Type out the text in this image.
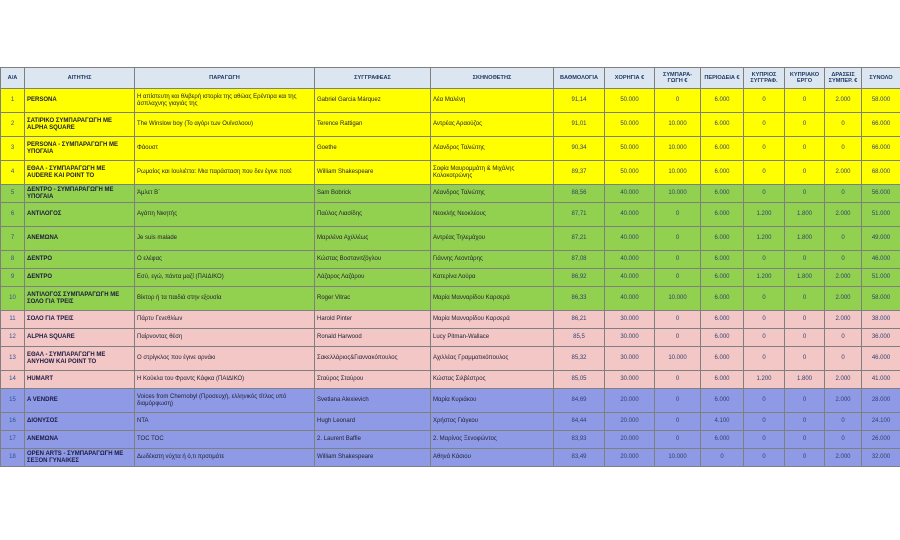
Α/Α	ΑΙΤΗΤΗΣ	ΠΑΡΑΓΩΓΗ	ΣΥΓΓΡΑΦΕΑΣ	ΣΚΗΝΟΘΕΤΗΣ	ΒΑΘΜΟΛΟΓΙΑ	ΧΟΡΗΓΙΑ €	ΣΥΜΠΑΡΑ-ΓΩΓΗ €	ΠΕΡΙΟΔΕΙΑ €	ΚΥΠΡΙΟΣ ΣΥΓΓΡΑΦ.	ΚΥΠΡΙΑΚΟ ΕΡΓΟ	ΔΡΑΣΕΙΣ ΣΥΜΠΕΡ. €	ΣΥΝΟΛΟ
1	PERSONA	Η απίστευτη και θλιβερή ιστορία της αθώας Ερέντιρα και της άσπλαχνης γιαγιάς της	Gabriel Garcia Márquez	Λέα Μαλένη	91,14	50.000	0	6.000	0	0	2.000	58.000
2	ΣΑΤΙΡΙΚΟ ΣΥΜΠΑΡΑΓΩΓΗ ΜΕ ALPHA SQUARE	The Winslow boy (Το αγόρι των Ουίνσλοου)	Terence Rattigan	Αντρέας Αραούζος	91,01	50.000	10.000	6.000	0	0	0	66.000
3	PERSONA - ΣΥΜΠΑΡΑΓΩΓΗ ΜΕ ΥΠΟΓΑΙΑ	Φάουστ	Goethe	Λέανδρος Ταλιώτης	90,34	50.000	10.000	6.000	0	0	0	66.000
4	ΕΘΑΛ - ΣΥΜΠΑΡΑΓΩΓΗ ΜΕ AUDERE ΚΑΙ POINT TO	Ρωμαίος και Ιουλιέττα: Μια παράσταση που δεν έγινε ποτέ	William Shakespeare	Σοφία Μαυρομμάτη & Μιχάλης Κολοκοτρώνης	89,37	50.000	10.000	6.000	0	0	2.000	68.000
5	ΔΕΝΤΡΟ - ΣΥΜΠΑΡΑΓΩΓΗ ΜΕ ΥΠΟΓΑΙΑ	Άμλετ Β΄	Sam Bobrick	Λέανδρος Ταλιώτης	88,56	40.000	10.000	6.000	0	0	0	56.000
6	ΑΝΤΙΛΟΓΟΣ	Αγάπη Νικητής	Παύλος Λιασίδης	Νεοκλής Νεοκλέους	87,71	40.000	0	6.000	1.200	1.800	2.000	51.000
7	ΑΝΕΜΩΝΑ	Je suis malade	Μαριλένα Αχιλλέως	Αντρέας Τηλεμάχου	87,21	40.000	0	6.000	1.200	1.800	0	49.000
8	ΔΕΝΤΡΟ	Ο ελέφας	Κώστας Βοστανιτζόγλου	Γιάννης Λεοντάρης	87,08	40.000	0	6.000	0	0	0	46.000
9	ΔΕΝΤΡΟ	Εσύ, εγώ, πάντα μαζί (ΠΑΙΔΙΚΟ)	Λάζαρος Λαζάρου	Κατερίνα Λούρα	86,92	40.000	0	6.000	1.200	1.800	2.000	51.000
10	ΑΝΤΙΛΟΓΟΣ ΣΥΜΠΑΡΑΓΩΓΗ ΜΕ ΣΟΛΟ ΓΙΑ ΤΡΕΙΣ	Βίκτορ ή τα παιδιά στην εξουσία	Roger Vitrac	Μαρία Μανναρίδου Καρσερά	86,33	40.000	10.000	6.000	0	0	2.000	58.000
11	ΣΟΛΟ ΓΙΑ ΤΡΕΙΣ	Πάρτυ Γενεθλίων	Harold Pinter	Μαρία Μανναρίδου Καρσερά	86,21	30.000	0	6.000	0	0	2.000	38.000
12	ALPHA SQUARE	Παίρνοντας θέση	Ronald Harwood	Lucy Pitman-Wallace	85,5	30.000	0	6.000	0	0	0	36.000
13	ΕΘΑΛ - ΣΥΜΠΑΡΑΓΩΓΗ ΜΕ ANYHOW ΚΑΙ POINT TO	Ο στρίγκλος που έγινε αρνάκι	Σακελλάριος&Γιανvακόπουλος	Αχιλλέας Γραμματικόπουλος	85,32	30.000	10.000	6.000	0	0	0	46.000
14	HUMART	Η Κούκλα του Φραντς Κάφκα (ΠΑΙΔΙΚΟ)	Σταύρος Σταύρου	Κώστας Σιλβέστρος	85,05	30.000	0	6.000	1.200	1.800	2.000	41.000
15	A VENDRE	Voices from Chernobyl (Προσευχή, ελληνικός τίτλος υπό διαμόρφωση)	Svetlana Alexievich	Μαρία Κυριάκου	84,69	20.000	0	6.000	0	0	2.000	28.000
16	ΔΙΟΝΥΣΟΣ	ΝΤΑ	Hugh Leonard	Χρήστος Γιάγκου	84,44	20.000	0	4.100	0	0	0	24.100
17	ΑΝΕΜΩΝΑ	TOC TOC	2. Laurent Baffie	2. Μαρίνος Ξενοφώντος	83,93	20.000	0	6.000	0	0	0	26.000
18	OPEN ARTS - ΣΥΜΠΑΡΑΓΩΓΗ ΜΕ ΣΕΞΟΝ ΓΥΝΑΙΚΕΣ	Δωδέκατη νύχτα ή ό,τι προτιμάτε	William Shakespeare	Αθηνά Κάσιου	83,49	20.000	10.000	0	0	0	2.000	32.000
